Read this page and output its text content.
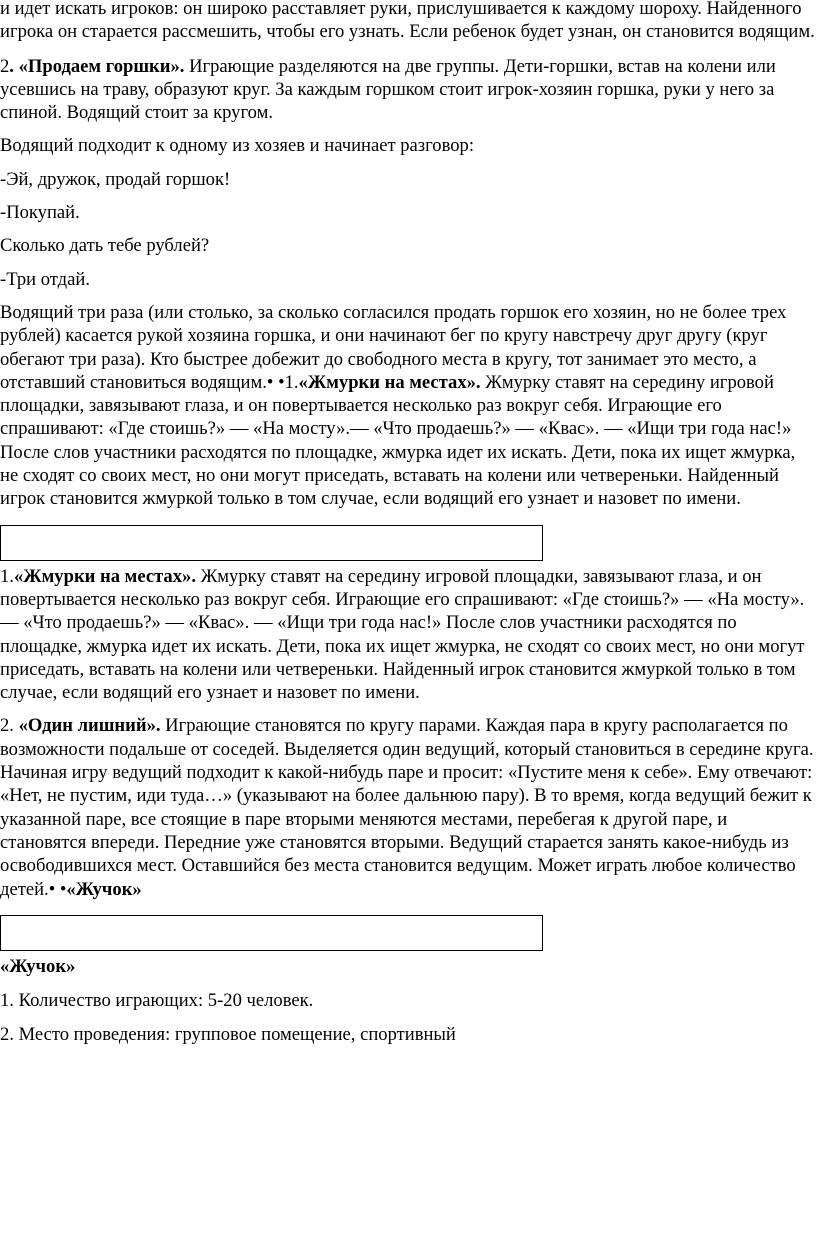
и идет искать игроков: он широко расставляет руки, прислушивается к каждому шороху. Найденного игрока он старается рассмешить, чтобы его узнать. Если ребенок будет узнан, он становится водящим.

2. «Продаем горшки». Играющие разделяются на две группы. Дети-горшки, встав на колени или усевшись на траву, образуют круг. За каждым горшком стоит игрок-хозяин горшка, руки у него за спиной. Водящий стоит за кругом.

Водящий подходит к одному из хозяев и начинает разговор:

-Эй, дружок, продай горшок!

-Покупай.

Сколько дать тебе рублей?

-Три отдай.

Водящий три раза (или столько, за сколько согласился продать горшок его хозяин, но не более трех рублей) касается рукой хозяина горшка, и они начинают бег по кругу навстречу друг другу (круг обегают три раза). Кто быстрее добежит до свободного места в кругу, тот занимает это место, а отставший становиться водящим.• •1.«Жмурки на местах». Жмурку ставят на середину игровой площадки, завязывают глаза, и он повертывается несколько раз вокруг себя. Играющие его спрашивают: «Где стоишь?» — «На мосту».— «Что продаешь?» — «Квас». — «Ищи три года нас!» После слов участники расходятся по площадке, жмурка идет их искать. Дети, пока их ищет жмурка, не сходят со своих мест, но они могут приседать, вставать на колени или четвереньки. Найденный игрок становится жмуркой только в том случае, если водящий его узнает и назовет по имени.

1.«Жмурки на местах». Жмурку ставят на середину игровой площадки, завязывают глаза, и он повертывается несколько раз вокруг себя. Играющие его спрашивают: «Где стоишь?» — «На мосту».— «Что продаешь?» — «Квас». — «Ищи три года нас!» После слов участники расходятся по площадке, жмурка идет их искать. Дети, пока их ищет жмурка, не сходят со своих мест, но они могут приседать, вставать на колени или четвереньки. Найденный игрок становится жмуркой только в том случае, если водящий его узнает и назовет по имени.

2. «Один лишний». Играющие становятся по кругу парами. Каждая пара в кругу располагается по возможности подальше от соседей. Выделяется один ведущий, который становиться в середине круга. Начиная игру ведущий подходит к какой-нибудь паре и просит: «Пустите меня к себе». Ему отвечают: «Нет, не пустим, иди туда…» (указывают на более дальнюю пару). В то время, когда ведущий бежит к указанной паре, все стоящие в паре вторыми меняются местами, перебегая к другой паре, и становятся впереди. Передние уже становятся вторыми. Ведущий старается занять какое-нибудь из освободившихся мест. Оставшийся без места становится ведущим. Может играть любое количество детей.• •«Жучок»

«Жучок»

1. Количество играющих: 5-20 человек.

2. Место проведения: групповое помещение, спортивный
